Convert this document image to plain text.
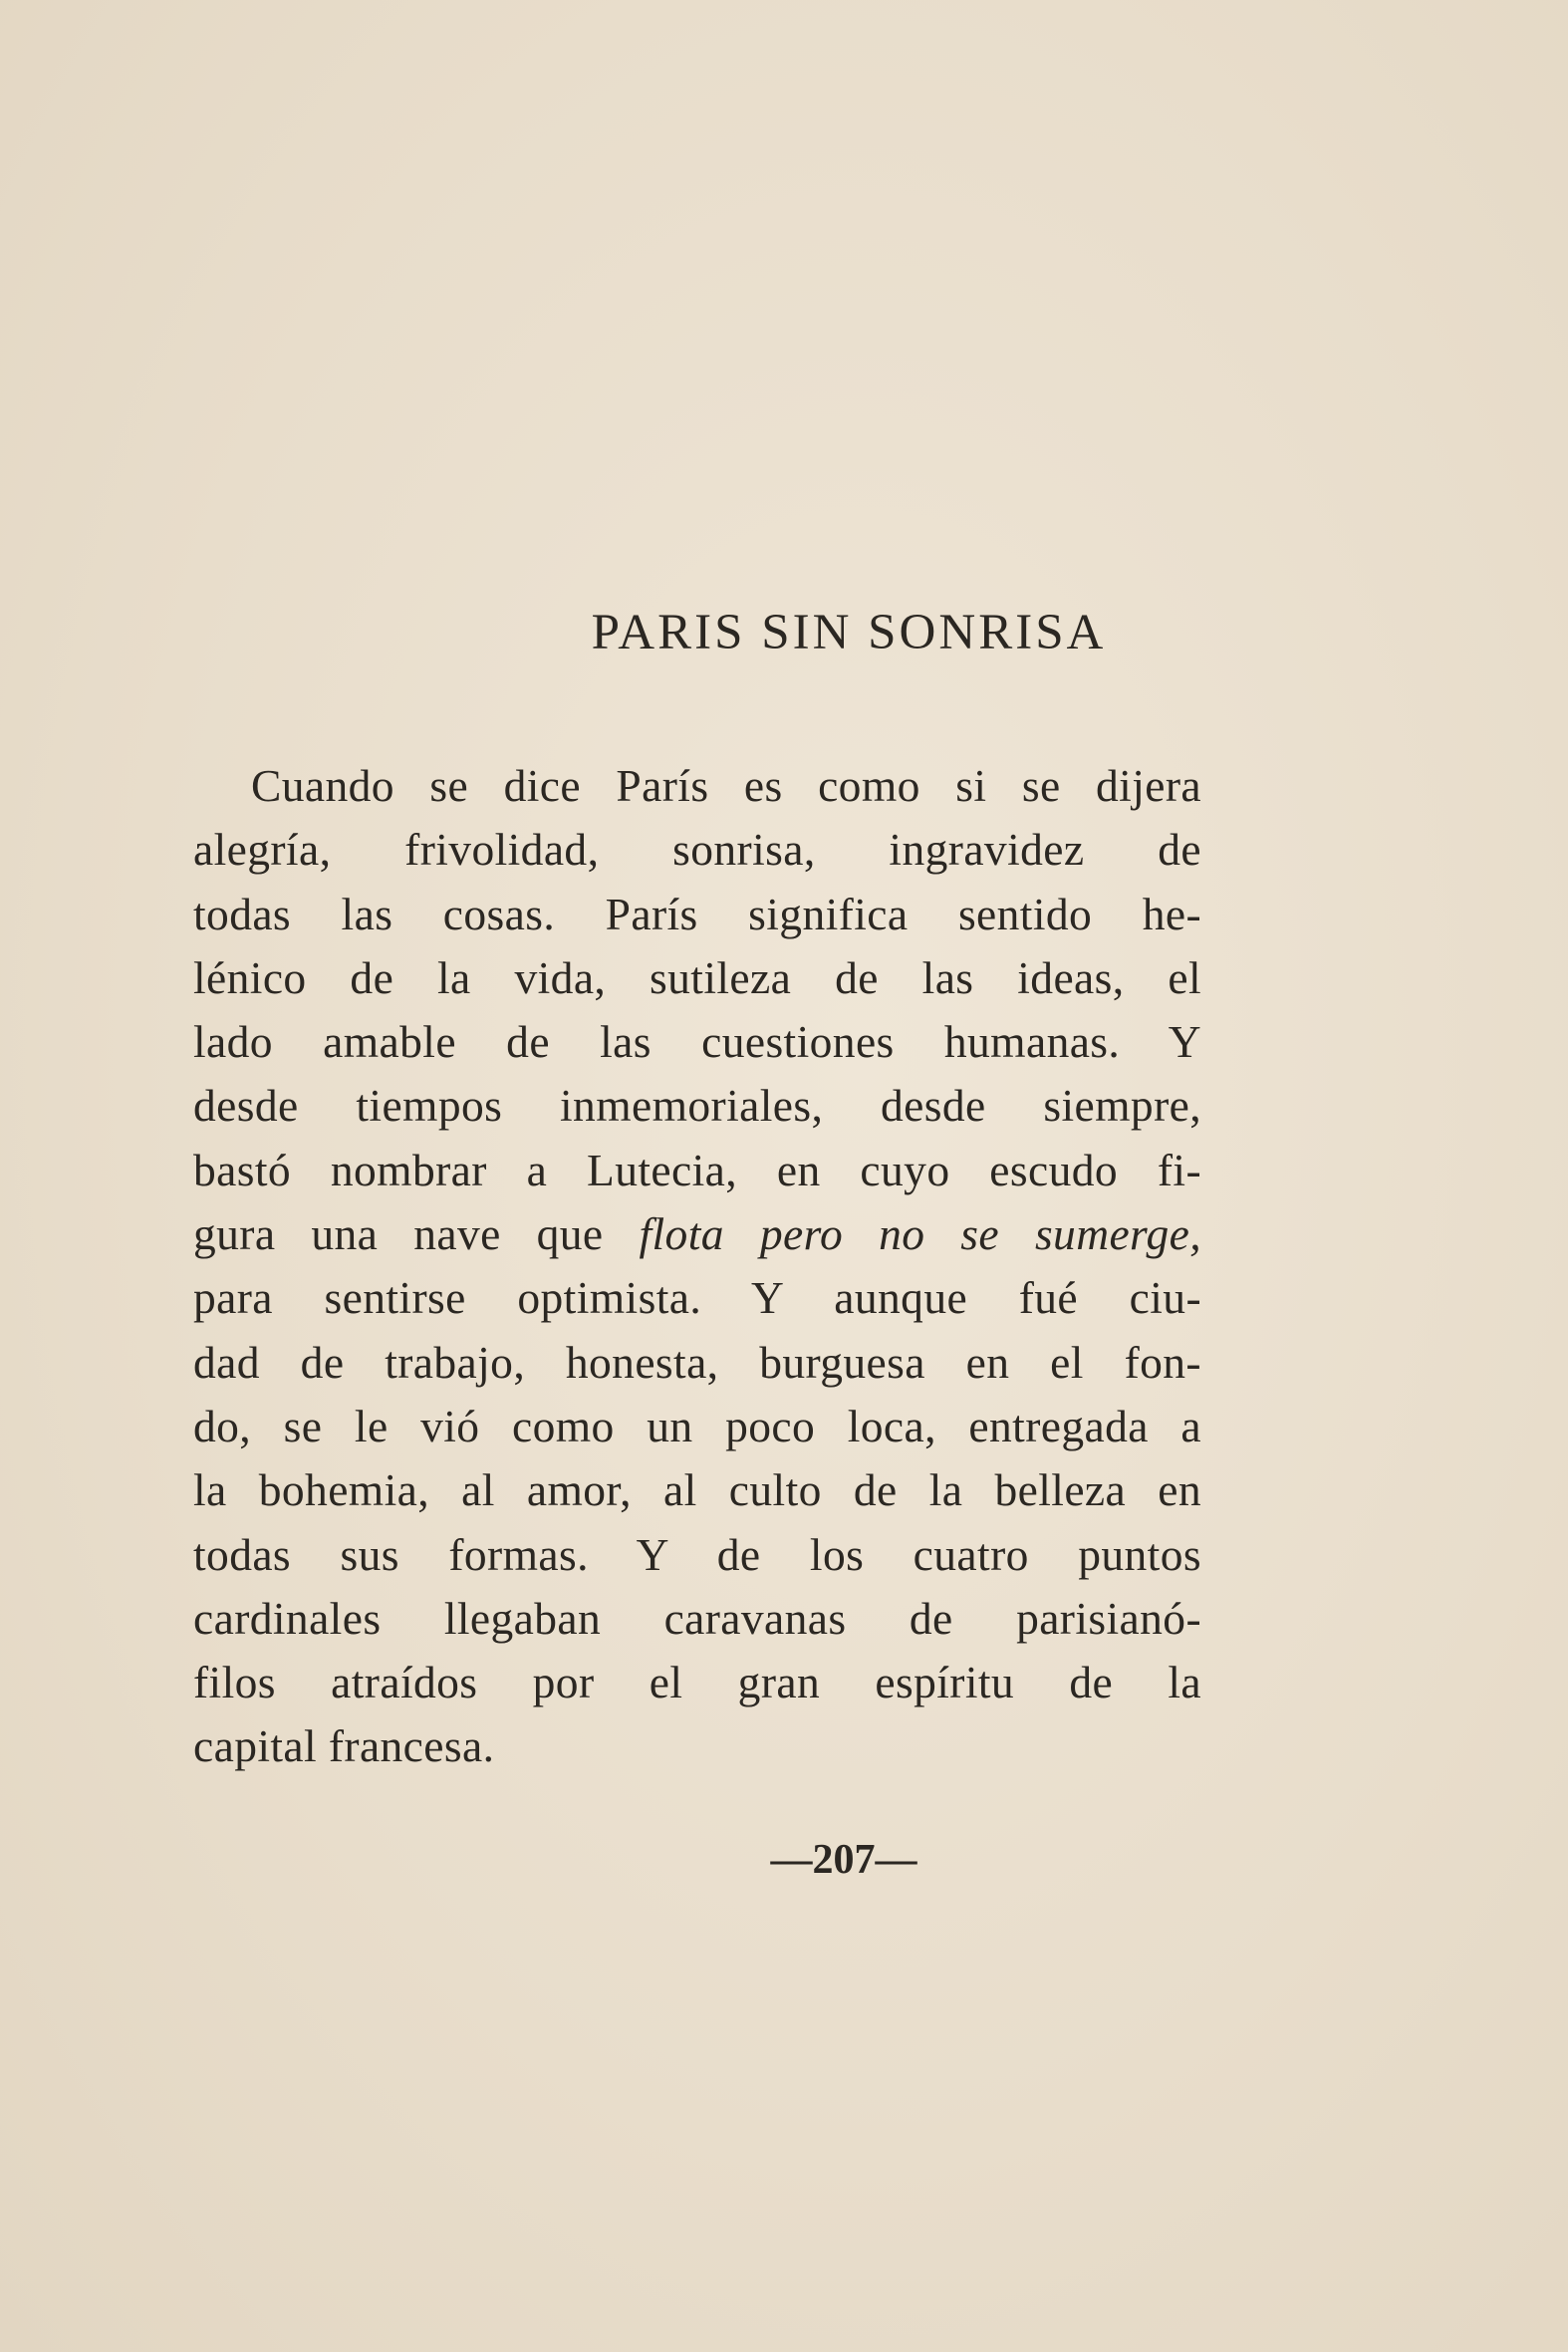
PARIS SIN SONRISA
Cuando se dice París es como si se dijera
alegría, frivolidad, sonrisa, ingravidez de
todas las cosas. París significa sentido he-
lénico de la vida, sutileza de las ideas, el
lado amable de las cuestiones humanas. Y
desde tiempos inmemoriales, desde siempre,
bastó nombrar a Lutecia, en cuyo escudo fi-
gura una nave que flota pero no se sumerge,
para sentirse optimista. Y aunque fué ciu-
dad de trabajo, honesta, burguesa en el fon-
do, se le vió como un poco loca, entregada a
la bohemia, al amor, al culto de la belleza en
todas sus formas. Y de los cuatro puntos
cardinales llegaban caravanas de parisianó-
filos atraídos por el gran espíritu de la
capital francesa.
—207—
